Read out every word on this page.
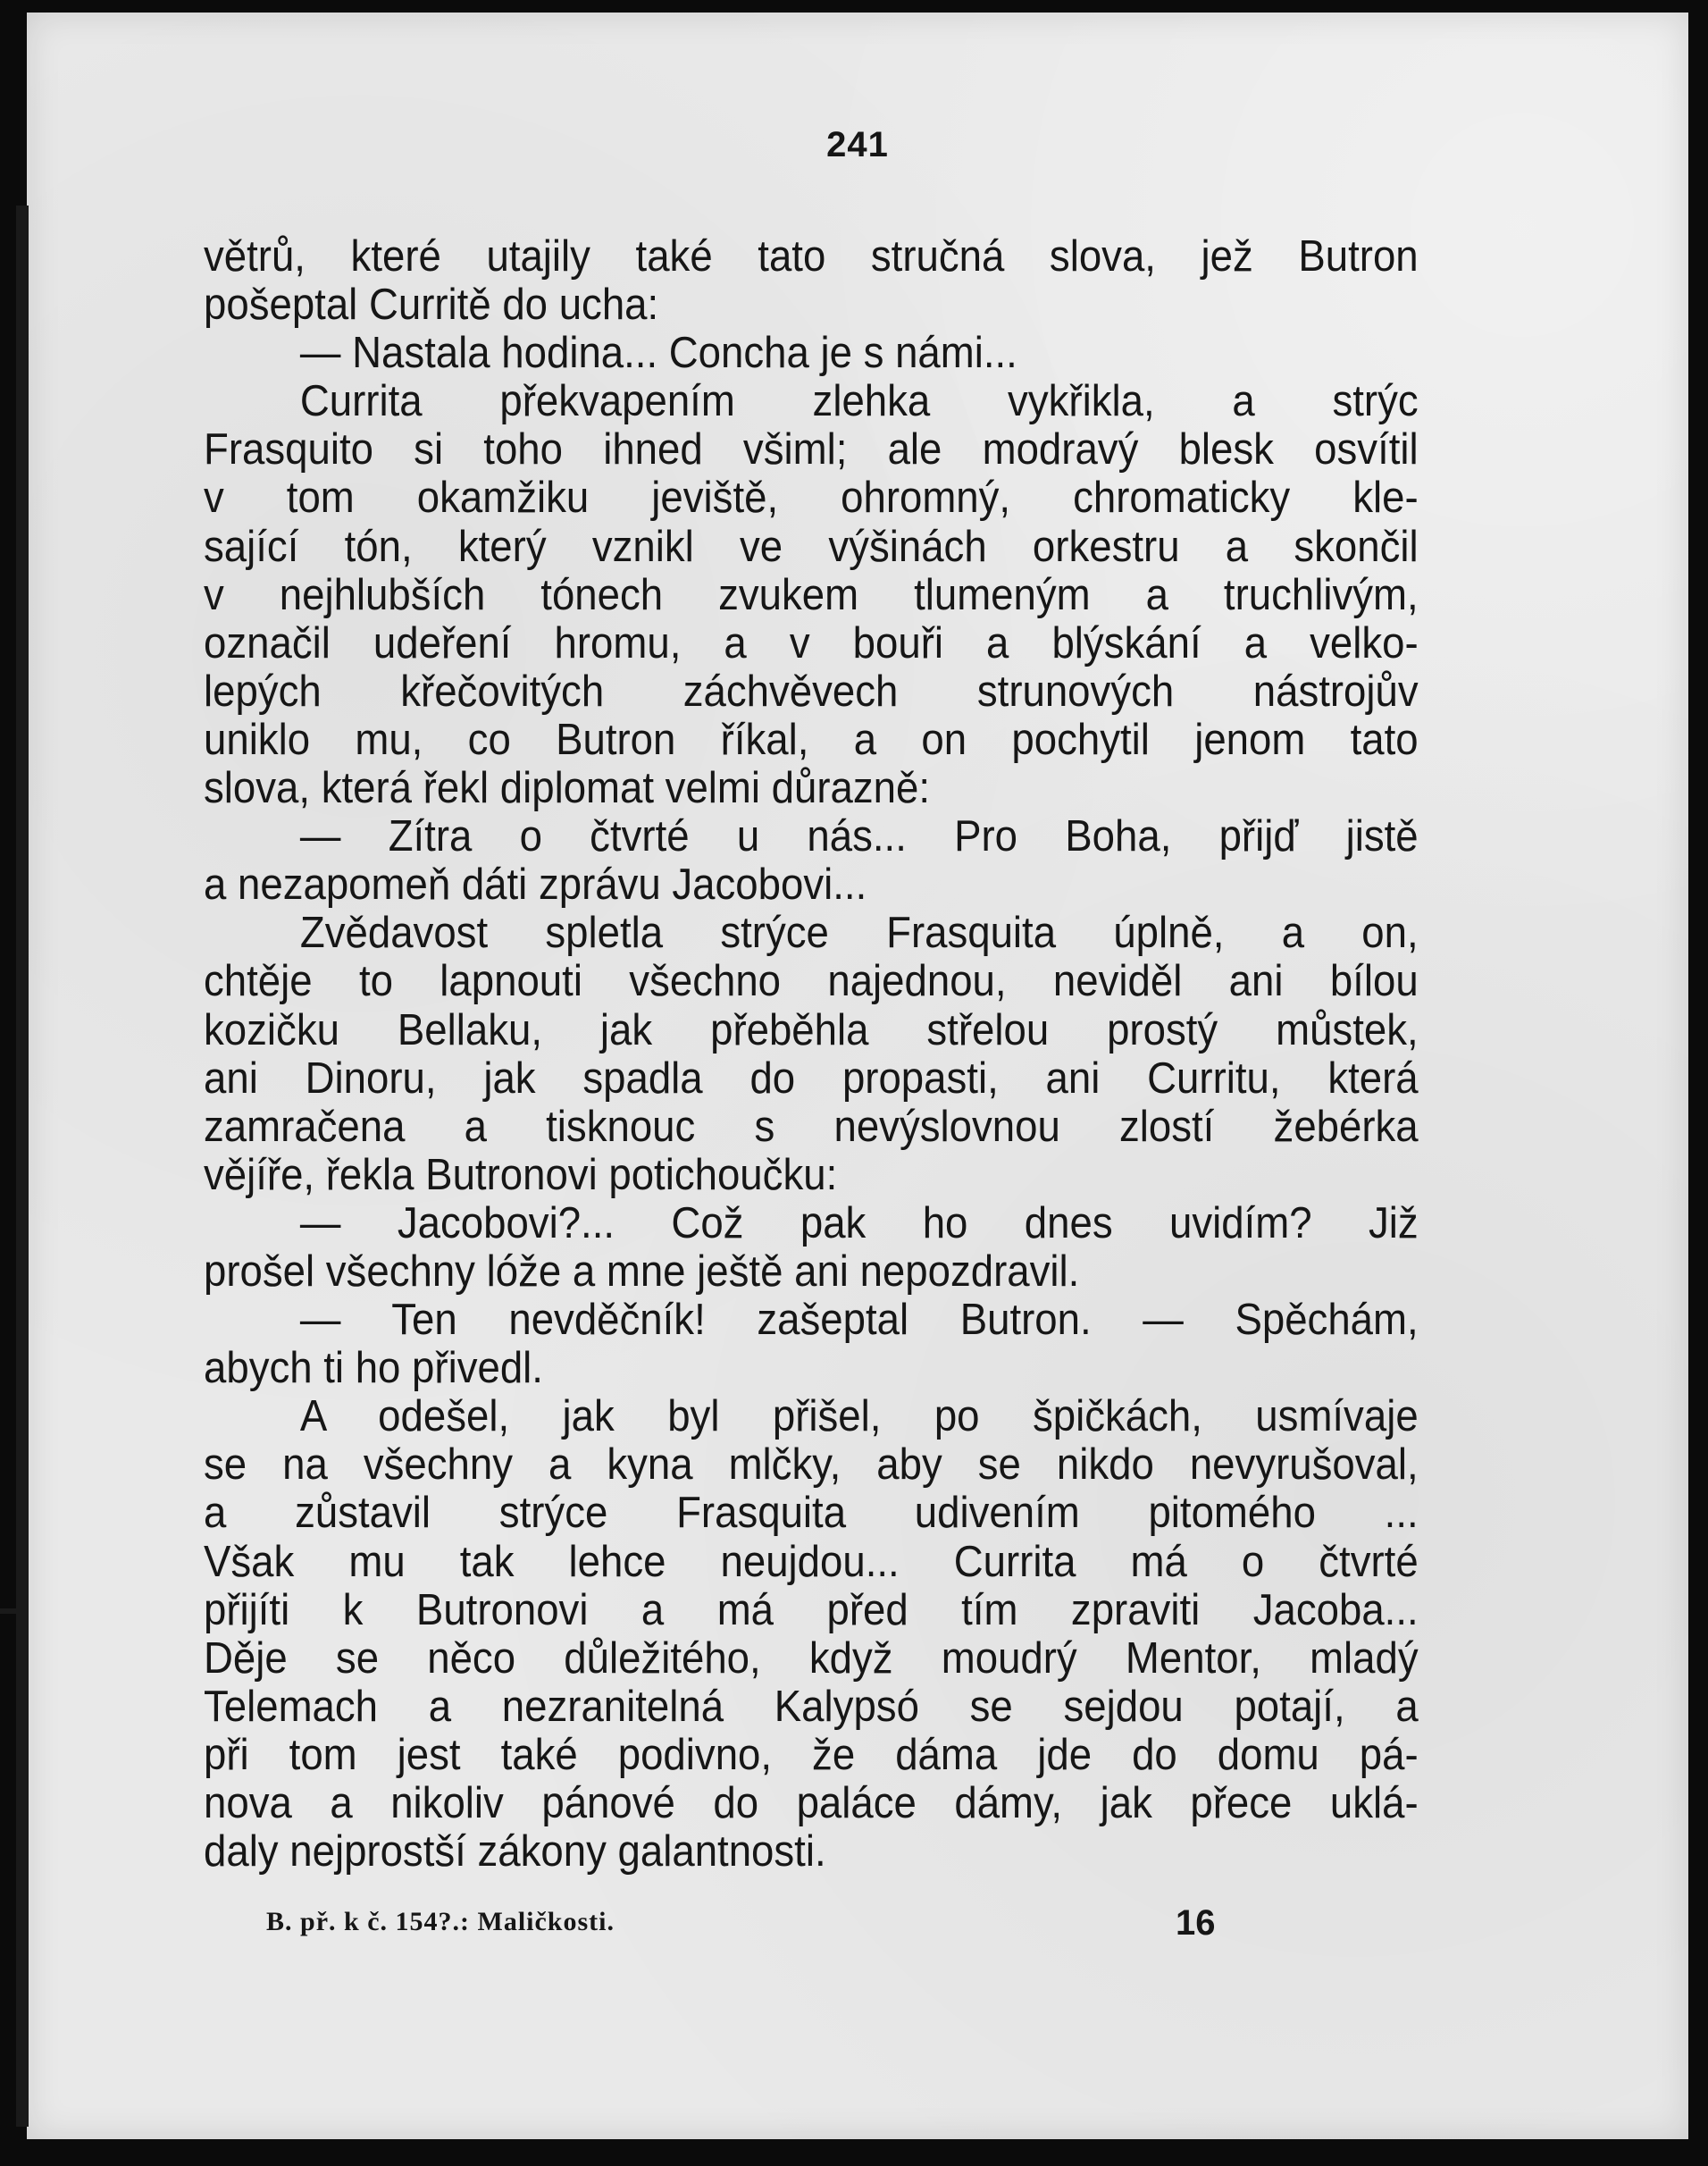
241
větrů, které utajily také tato stručná slova, jež Butron
pošeptal Curritě do ucha:
— Nastala hodina... Concha je s námi...
Currita překvapením zlehka vykřikla, a strýc
Frasquito si toho ihned všiml; ale modravý blesk osvítil
v tom okamžiku jeviště, ohromný, chromaticky kle-
sající tón, který vznikl ve výšinách orkestru a skončil
v nejhlubších tónech zvukem tlumeným a truchlivým,
označil udeření hromu, a v bouři a blýskání a velko-
lepých křečovitých záchvěvech strunových nástrojův
uniklo mu, co Butron říkal, a on pochytil jenom tato
slova, která řekl diplomat velmi důrazně:
— Zítra o čtvrté u nás... Pro Boha, přijď jistě
a nezapomeň dáti zprávu Jacobovi...
Zvědavost spletla strýce Frasquita úplně, a on,
chtěje to lapnouti všechno najednou, neviděl ani bílou
kozičku Bellaku, jak přeběhla střelou prostý můstek,
ani Dinoru, jak spadla do propasti, ani Curritu, která
zamračena a tisknouc s nevýslovnou zlostí žebérka
vějíře, řekla Butronovi potichoučku:
— Jacobovi?... Což pak ho dnes uvidím? Již
prošel všechny lóže a mne ještě ani nepozdravil.
— Ten nevděčník! zašeptal Butron. — Spěchám,
abych ti ho přivedl.
A odešel, jak byl přišel, po špičkách, usmívaje
se na všechny a kyna mlčky, aby se nikdo nevyrušoval,
a zůstavil strýce Frasquita udivením pitomého ...
Však mu tak lehce neujdou... Currita má o čtvrté
přijíti k Butronovi a má před tím zpraviti Jacoba...
Děje se něco důležitého, když moudrý Mentor, mladý
Telemach a nezranitelná Kalypsó se sejdou potají, a
při tom jest také podivno, že dáma jde do domu pá-
nova a nikoliv pánové do paláce dámy, jak přece uklá-
daly nejprostší zákony galantnosti.
B. př. k č. 154?.: Maličkosti.	16
